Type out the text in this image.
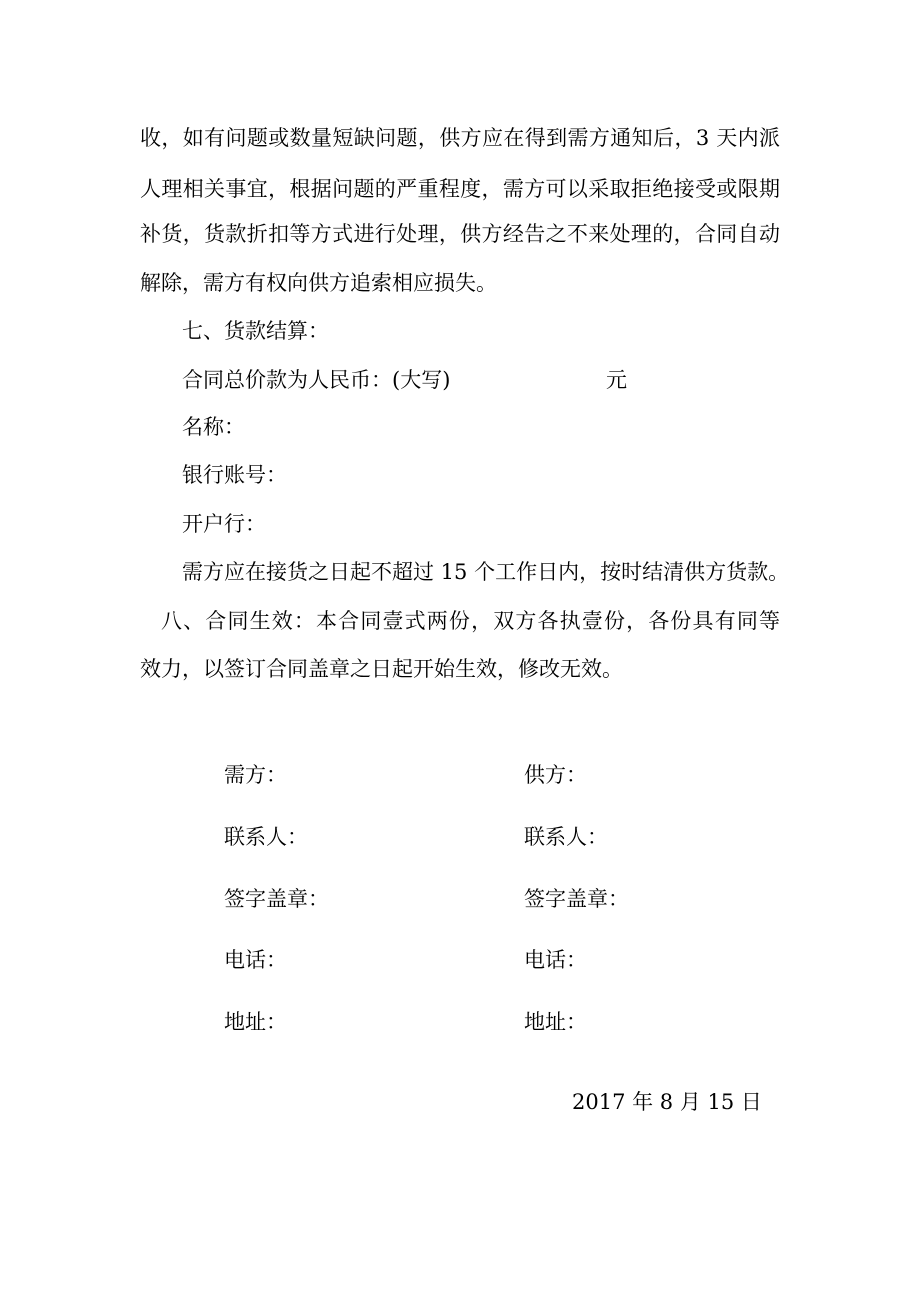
收，如有问题或数量短缺问题，供方应在得到需方通知后，3 天内派
人理相关事宜，根据问题的严重程度，需方可以采取拒绝接受或限期
补货，货款折扣等方式进行处理，供方经告之不来处理的，合同自动
解除，需方有权向供方追索相应损失。
七、货款结算：
合同总价款为人民币：(大写)	元
名称：
银行账号：
开户行：
需方应在接货之日起不超过 15 个工作日内，按时结清供方货款。
八、合同生效：本合同壹式两份，双方各执壹份，各份具有同等
效力，以签订合同盖章之日起开始生效，修改无效。
需方：	供方：
联系人：	联系人：
签字盖章：	签字盖章：
电话：	电话：
地址：	地址：
2017 年 8 月 15 日
